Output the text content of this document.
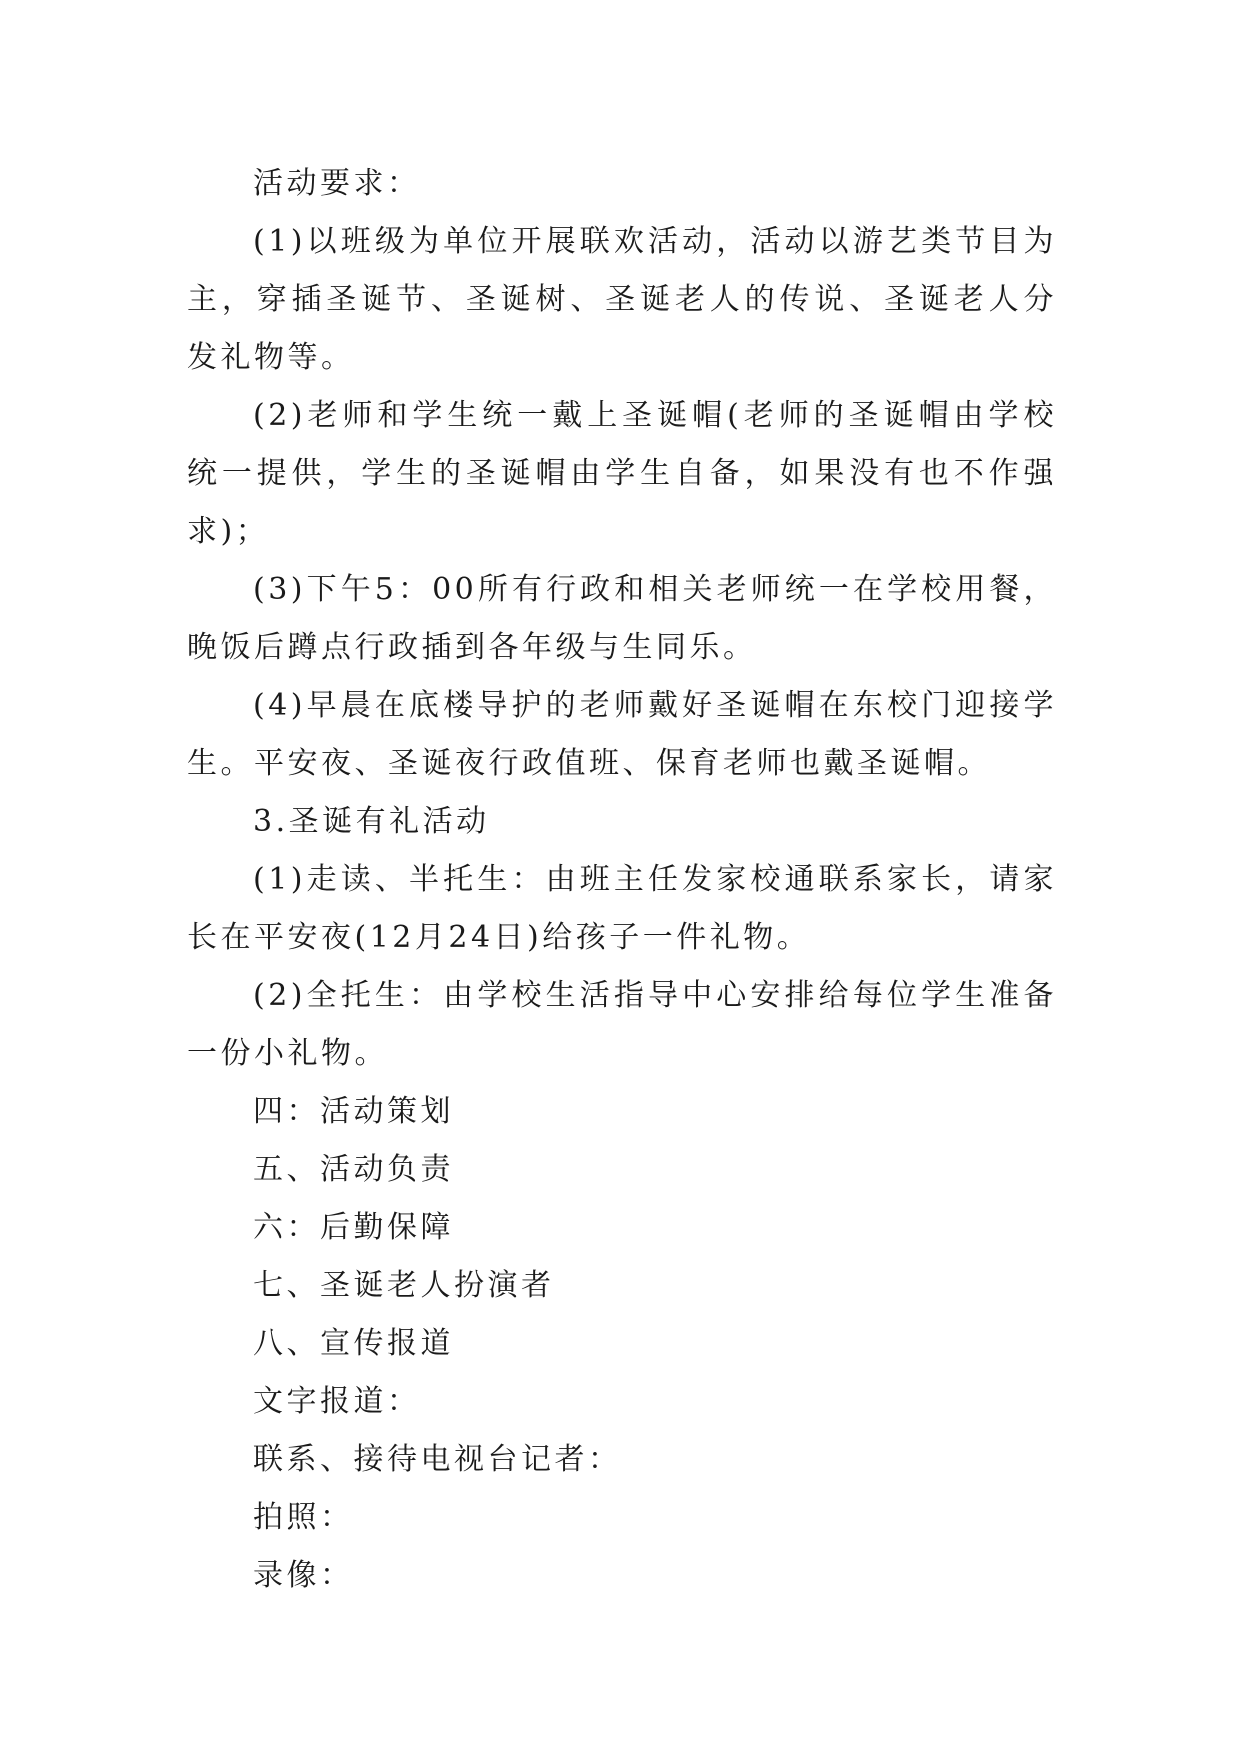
活动要求：

(1)以班级为单位开展联欢活动，活动以游艺类节目为主，穿插圣诞节、圣诞树、圣诞老人的传说、圣诞老人分发礼物等。

(2)老师和学生统一戴上圣诞帽(老师的圣诞帽由学校统一提供，学生的圣诞帽由学生自备，如果没有也不作强求)；

(3)下午5：00所有行政和相关老师统一在学校用餐，晚饭后蹲点行政插到各年级与生同乐。

(4)早晨在底楼导护的老师戴好圣诞帽在东校门迎接学生。平安夜、圣诞夜行政值班、保育老师也戴圣诞帽。

3.圣诞有礼活动

(1)走读、半托生：由班主任发家校通联系家长，请家长在平安夜(12月24日)给孩子一件礼物。

(2)全托生：由学校生活指导中心安排给每位学生准备一份小礼物。

四：活动策划

五、活动负责

六：后勤保障

七、圣诞老人扮演者

八、宣传报道

文字报道：

联系、接待电视台记者：

拍照：

录像：
